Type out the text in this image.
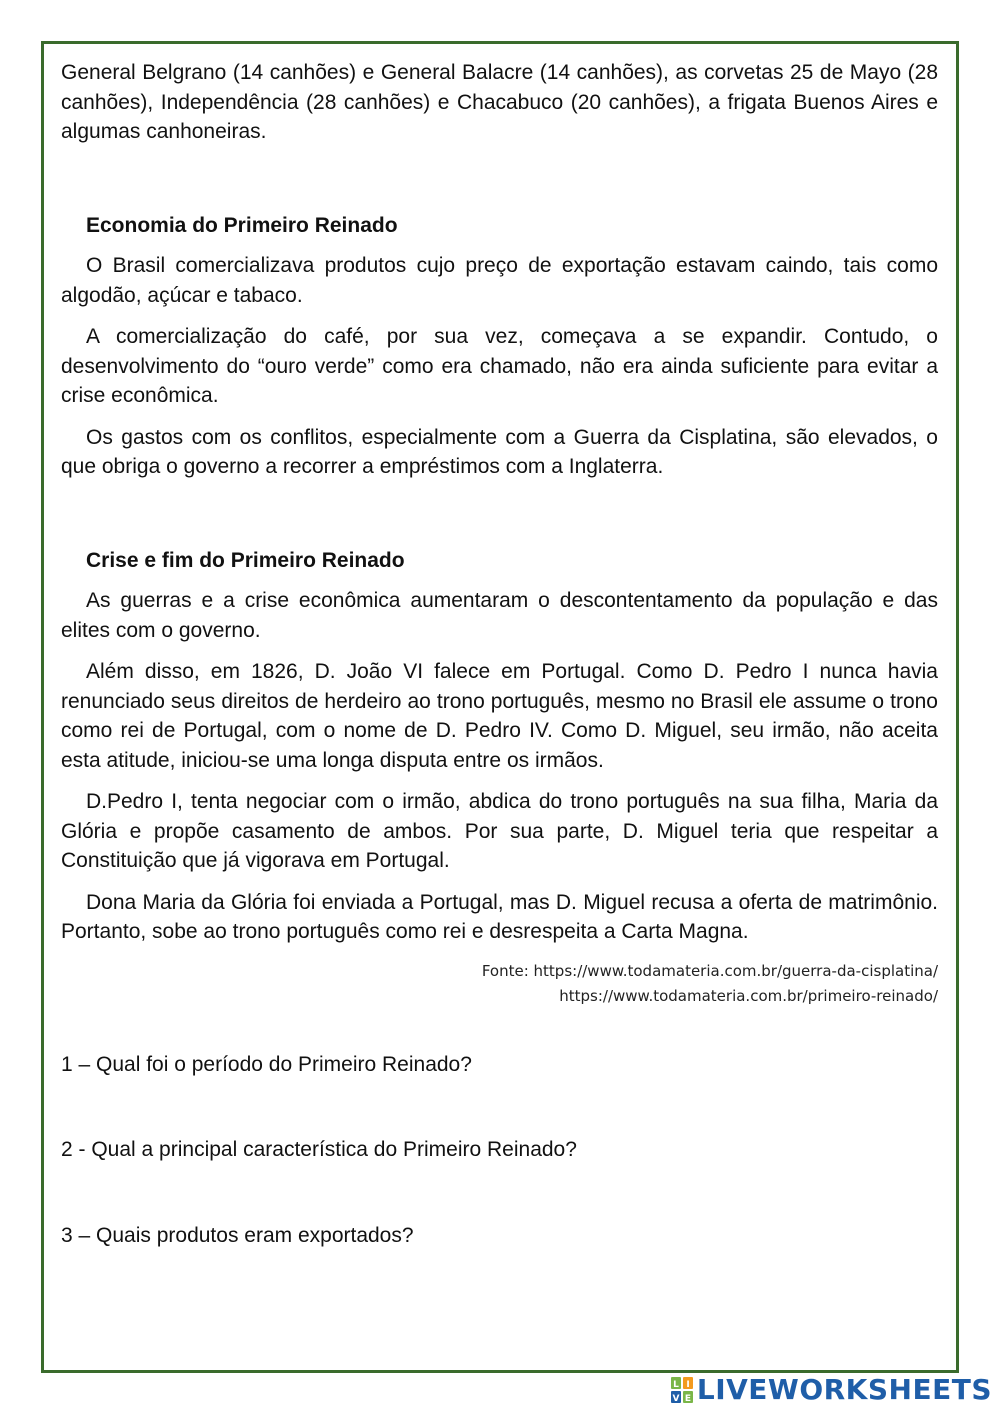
General Belgrano (14 canhões) e General Balacre (14 canhões), as corvetas 25 de Mayo (28 canhões), Independência (28 canhões) e Chacabuco (20 canhões), a frigata Buenos Aires e algumas canhoneiras.

Economia do Primeiro Reinado

O Brasil comercializava produtos cujo preço de exportação estavam caindo, tais como algodão, açúcar e tabaco.

A comercialização do café, por sua vez, começava a se expandir. Contudo, o desenvolvimento do “ouro verde” como era chamado, não era ainda suficiente para evitar a crise econômica.

Os gastos com os conflitos, especialmente com a Guerra da Cisplatina, são elevados, o que obriga o governo a recorrer a empréstimos com a Inglaterra.

Crise e fim do Primeiro Reinado

As guerras e a crise econômica aumentaram o descontentamento da população e das elites com o governo.

Além disso, em 1826, D. João VI falece em Portugal. Como D. Pedro I nunca havia renunciado seus direitos de herdeiro ao trono português, mesmo no Brasil ele assume o trono como rei de Portugal, com o nome de D. Pedro IV. Como D. Miguel, seu irmão, não aceita esta atitude, iniciou-se uma longa disputa entre os irmãos.

D.Pedro I, tenta negociar com o irmão, abdica do trono português na sua filha, Maria da Glória e propõe casamento de ambos. Por sua parte, D. Miguel teria que respeitar a Constituição que já vigorava em Portugal.

Dona Maria da Glória foi enviada a Portugal, mas D. Miguel recusa a oferta de matrimônio. Portanto, sobe ao trono português como rei e desrespeita a Carta Magna.

Fonte: https://www.todamateria.com.br/guerra-da-cisplatina/
https://www.todamateria.com.br/primeiro-reinado/

1 – Qual foi o período do Primeiro Reinado?

2 - Qual a principal característica do Primeiro Reinado?

3 – Quais produtos eram exportados?

L I
V E LIVEWORKSHEETS
